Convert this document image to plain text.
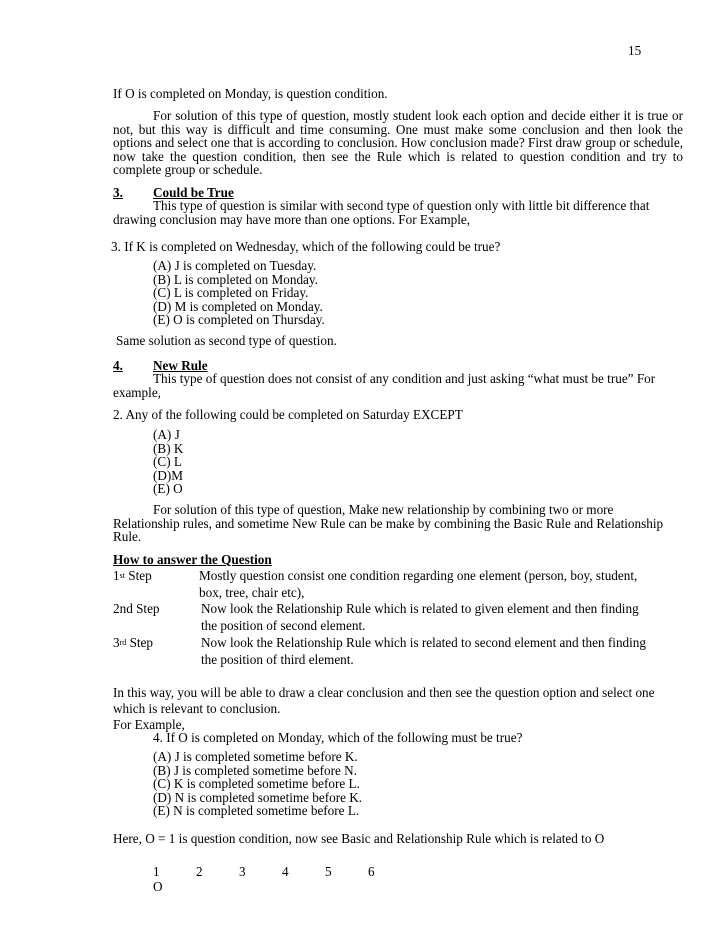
15
If O is completed on Monday, is question condition.
For solution of this type of question, mostly student look each option and decide either it is true or not, but this way is difficult and time consuming. One must make some conclusion and then look the options and select one that is according to conclusion. How conclusion made? First draw group or schedule, now take the question condition, then see the Rule which is related to question condition and try to complete group or schedule.
3. Could be True
This type of question is similar with second type of question only with little bit difference that drawing conclusion may have more than one options. For Example,
3. If K is completed on Wednesday, which of the following could be true?
(A) J is completed on Tuesday.
(B) L is completed on Monday.
(C) L is completed on Friday.
(D) M is completed on Monday.
(E) O is completed on Thursday.
Same solution as second type of question.
4. New Rule
This type of question does not consist of any condition and just asking “what must be true” For example,
2. Any of the following could be completed on Saturday EXCEPT
(A) J
(B) K
(C) L
(D)M
(E) O
For solution of this type of question, Make new relationship by combining two or more Relationship rules, and sometime New Rule can be make by combining the Basic Rule and Relationship Rule.
How to answer the Question
1st Step	Mostly question consist one condition regarding one element (person, boy, student,
box, tree, chair etc),
2nd Step	Now look the Relationship Rule which is related to given element and then finding
the position of second element.
3rd Step	Now look the Relationship Rule which is related to second element and then finding
the position of third element.
In this way, you will be able to draw a clear conclusion and then see the question option and select one which is relevant to conclusion.
For Example,
4. If O is completed on Monday, which of the following must be true?
(A) J is completed sometime before K.
(B) J is completed sometime before N.
(C) K is completed sometime before L.
(D) N is completed sometime before K.
(E) N is completed sometime before L.
Here, O = 1 is question condition, now see Basic and Relationship Rule which is related to O
1	2	3	4	5	6
O
